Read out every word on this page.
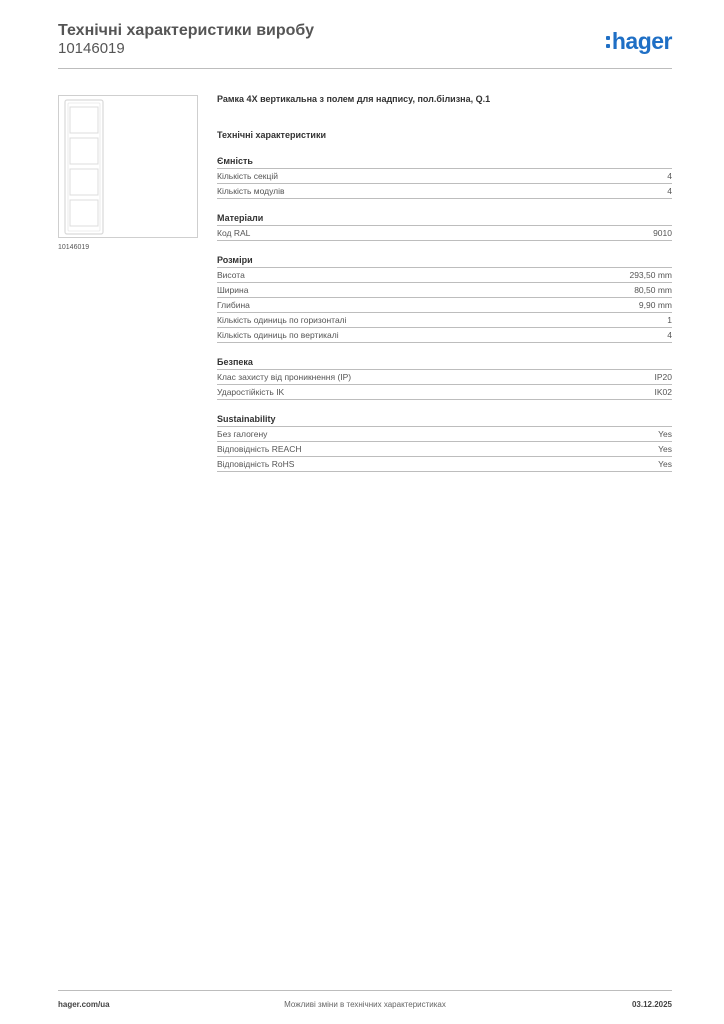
Технічні характеристики виробу
10146019	hager
10146019
Рамка 4X вертикальна з полем для надпису, пол.білизна, Q.1
Технічні характеристики
Ємність
Кількість секцій	4
Кількість модулів	4
Матеріали
Код RAL	9010
Розміри
Висота	293,50 mm
Ширина	80,50 mm
Глибина	9,90 mm
Кількість одиниць по горизонталі	1
Кількість одиниць по вертикалі	4
Безпека
Клас захисту від проникнення (IP)	IP20
Ударостійкість IK	IK02
Sustainability
Без галогену	Yes
Відповідність REACH	Yes
Відповідність RoHS	Yes
Можливі зміни в технічних характеристиках
hager.com/ua	03.12.2025
